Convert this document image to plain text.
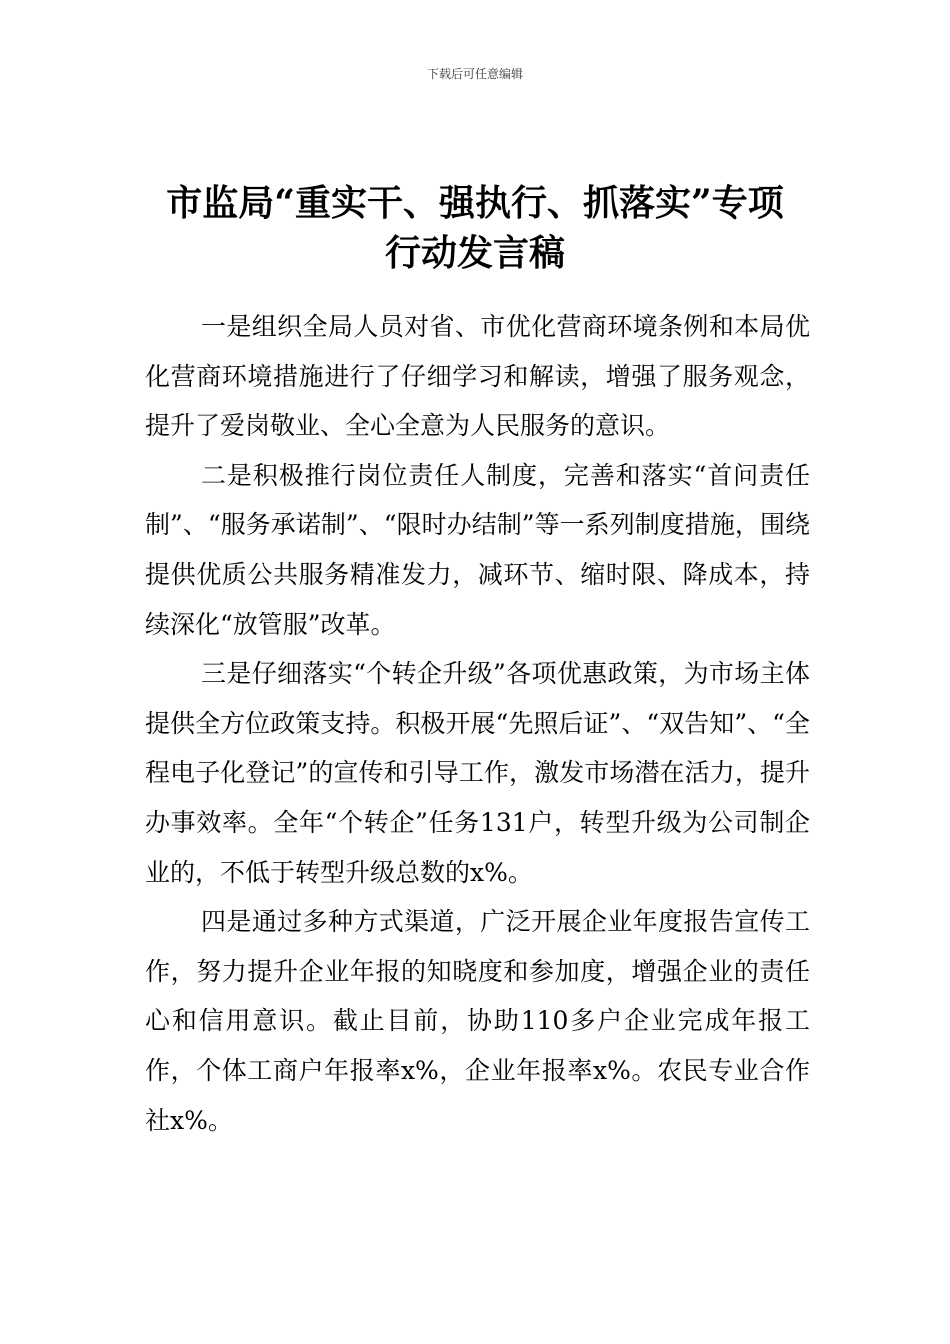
下载后可任意编辑
市监局“重实干、强执行、抓落实”专项
行动发言稿

一是组织全局人员对省、市优化营商环境条例和本局优化营商环境措施进行了仔细学习和解读，增强了服务观念，提升了爱岗敬业、全心全意为人民服务的意识。

二是积极推行岗位责任人制度，完善和落实“首问责任制”、“服务承诺制”、“限时办结制”等一系列制度措施，围绕提供优质公共服务精准发力，减环节、缩时限、降成本，持续深化“放管服”改革。

三是仔细落实“个转企升级”各项优惠政策，为市场主体提供全方位政策支持。积极开展“先照后证”、“双告知”、“全程电子化登记”的宣传和引导工作，激发市场潜在活力，提升办事效率。全年“个转企”任务131户，转型升级为公司制企业的，不低于转型升级总数的x%。

四是通过多种方式渠道，广泛开展企业年度报告宣传工作，努力提升企业年报的知晓度和参加度，增强企业的责任心和信用意识。截止目前，协助110多户企业完成年报工作，个体工商户年报率x%，企业年报率x%。农民专业合作社x%。
